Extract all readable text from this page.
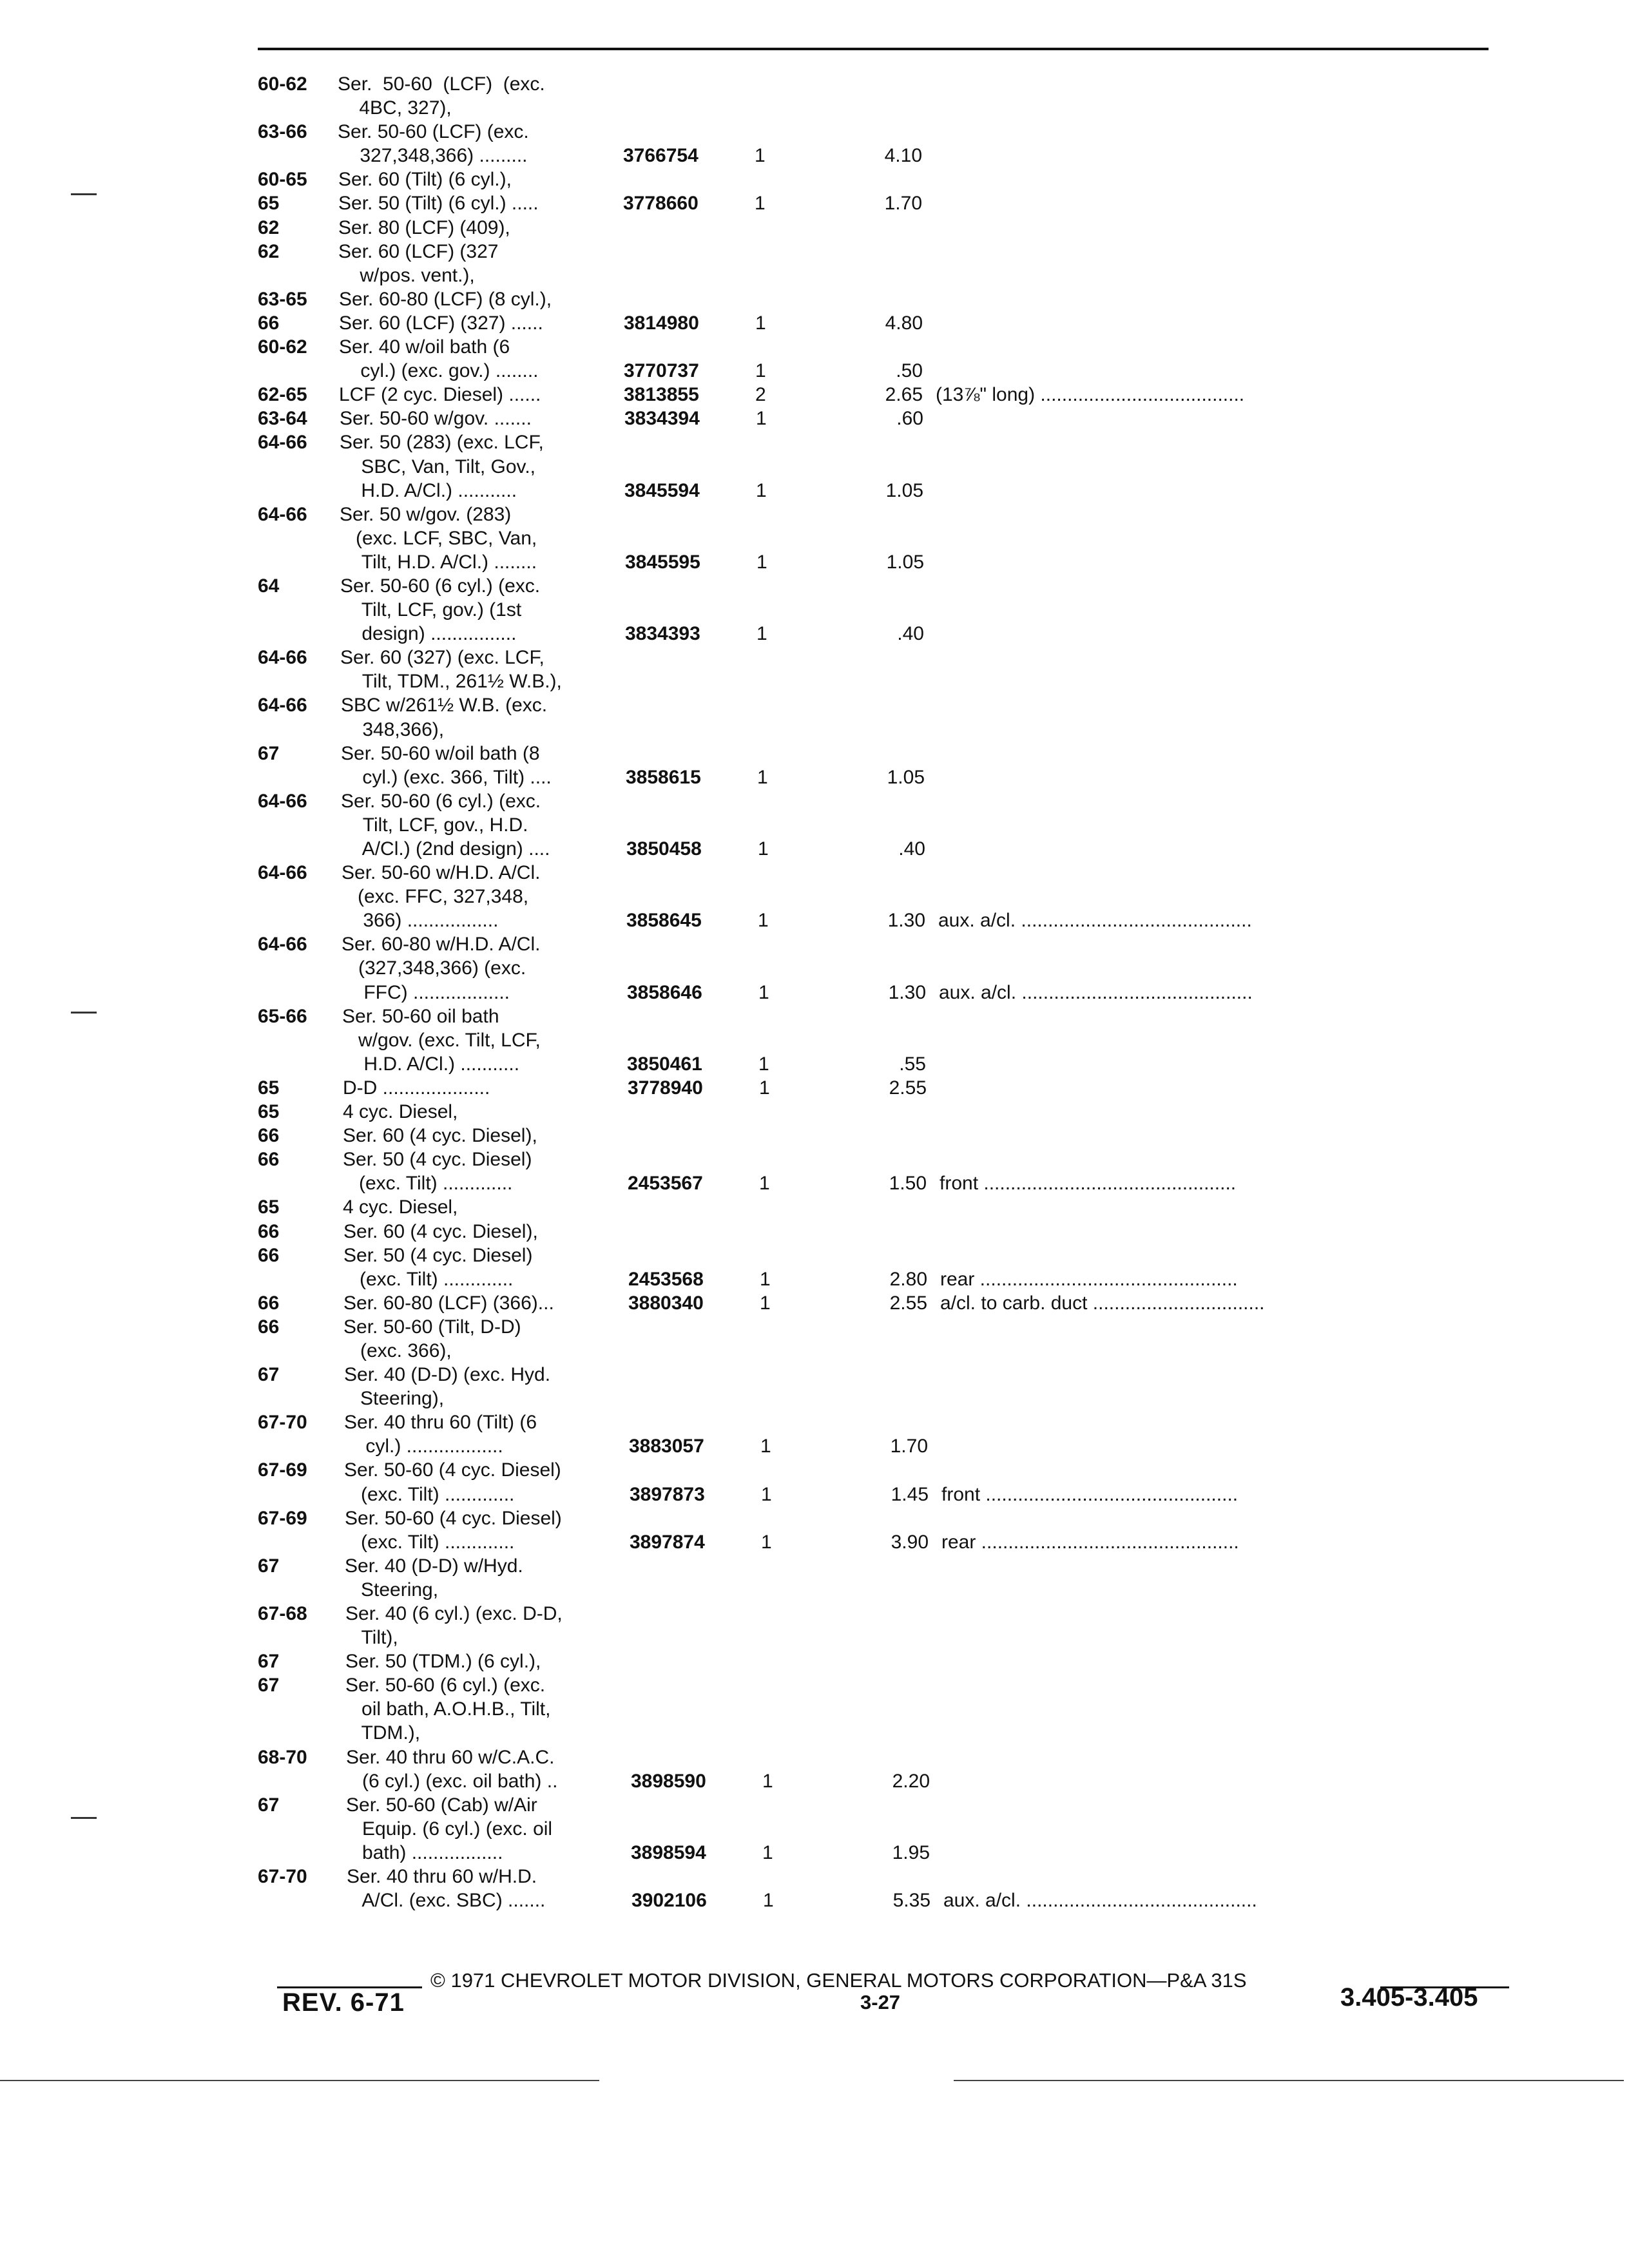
60-62	Ser.  50-60  (LCF)  (exc.
4BC, 327),
63-66	Ser. 50-60 (LCF) (exc.
327,348,366) .........	3766754	1	4.10
60-65	Ser. 60 (Tilt) (6 cyl.),
65	Ser. 50 (Tilt) (6 cyl.) .....	3778660	1	1.70
62	Ser. 80 (LCF) (409),
62	Ser. 60 (LCF) (327
w/pos. vent.),
63-65	Ser. 60-80 (LCF) (8 cyl.),
66	Ser. 60 (LCF) (327) ......	3814980	1	4.80
60-62	Ser. 40 w/oil bath (6
cyl.) (exc. gov.) ........	3770737	1	.50
62-65	LCF (2 cyc. Diesel) ......	3813855	2	2.65 (13⅞" long) ......................................
63-64	Ser. 50-60 w/gov. .......	3834394	1	.60
64-66	Ser. 50 (283) (exc. LCF,
SBC, Van, Tilt, Gov.,
H.D. A/Cl.) ...........	3845594	1	1.05
64-66	Ser. 50 w/gov. (283)
(exc. LCF, SBC, Van,
Tilt, H.D. A/Cl.) ........	3845595	1	1.05
64	Ser. 50-60 (6 cyl.) (exc.
Tilt, LCF, gov.) (1st
design) ................	3834393	1	.40
64-66	Ser. 60 (327) (exc. LCF,
Tilt, TDM., 261½ W.B.),
64-66	SBC w/261½ W.B. (exc.
348,366),
67	Ser. 50-60 w/oil bath (8
cyl.) (exc. 366, Tilt) ....	3858615	1	1.05
64-66	Ser. 50-60 (6 cyl.) (exc.
Tilt, LCF, gov., H.D.
A/Cl.) (2nd design) ....	3850458	1	.40
64-66	Ser. 50-60 w/H.D. A/Cl.
(exc. FFC, 327,348,
366) .................	3858645	1	1.30 aux. a/cl. ...........................................
64-66	Ser. 60-80 w/H.D. A/Cl.
(327,348,366) (exc.
FFC) ..................	3858646	1	1.30 aux. a/cl. ...........................................
65-66	Ser. 50-60 oil bath
w/gov. (exc. Tilt, LCF,
H.D. A/Cl.) ...........	3850461	1	.55
65	D-D ....................	3778940	1	2.55
65	4 cyc. Diesel,
66	Ser. 60 (4 cyc. Diesel),
66	Ser. 50 (4 cyc. Diesel)
(exc. Tilt) .............	2453567	1	1.50 front ...............................................
65	4 cyc. Diesel,
66	Ser. 60 (4 cyc. Diesel),
66	Ser. 50 (4 cyc. Diesel)
(exc. Tilt) .............	2453568	1	2.80 rear ................................................
66	Ser. 60-80 (LCF) (366)...	3880340	1	2.55 a/cl. to carb. duct ................................
66	Ser. 50-60 (Tilt, D-D)
(exc. 366),
67	Ser. 40 (D-D) (exc. Hyd.
Steering),
67-70	Ser. 40 thru 60 (Tilt) (6
cyl.) ..................	3883057	1	1.70
67-69	Ser. 50-60 (4 cyc. Diesel)
(exc. Tilt) .............	3897873	1	1.45 front ...............................................
67-69	Ser. 50-60 (4 cyc. Diesel)
(exc. Tilt) .............	3897874	1	3.90 rear ................................................
67	Ser. 40 (D-D) w/Hyd.
Steering,
67-68	Ser. 40 (6 cyl.) (exc. D-D,
Tilt),
67	Ser. 50 (TDM.) (6 cyl.),
67	Ser. 50-60 (6 cyl.) (exc.
oil bath, A.O.H.B., Tilt,
TDM.),
68-70	Ser. 40 thru 60 w/C.A.C.
(6 cyl.) (exc. oil bath) ..	3898590	1	2.20
67	Ser. 50-60 (Cab) w/Air
Equip. (6 cyl.) (exc. oil
bath) .................	3898594	1	1.95
67-70	Ser. 40 thru 60 w/H.D.
A/Cl. (exc. SBC) .......	3902106	1	5.35 aux. a/cl. ...........................................
© 1971 CHEVROLET MOTOR DIVISION, GENERAL MOTORS CORPORATION—P&A 31S
REV. 6-71	3-27	3.405-3.405
